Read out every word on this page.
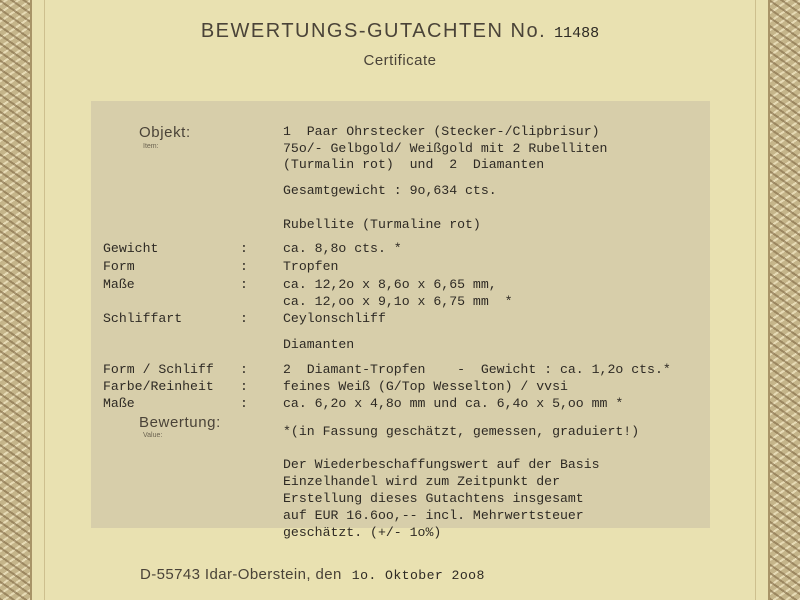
BEWERTUNGS-GUTACHTEN No. 11488
Certificate
Objekt:
Item:
1  Paar Ohrstecker (Stecker-/Clipbrisur)
75o/- Gelbgold/ Weißgold mit 2 Rubelliten
(Turmalin rot)  und  2  Diamanten
Gesamtgewicht : 9o,634 cts.
Rubellite (Turmaline rot)
Gewicht	:	ca. 8,8o cts. *
Form	:	Tropfen
Maße	:	ca. 12,2o x 8,6o x 6,65 mm,
ca. 12,oo x 9,1o x 6,75 mm  *
Schliffart	:	Ceylonschliff
Diamanten
Form / Schliff :	2  Diamant-Tropfen    -  Gewicht : ca. 1,2o cts.*
Farbe/Reinheit :	feines Weiß (G/Top Wesselton) / vvsi
Maße	:	ca. 6,2o x 4,8o mm und ca. 6,4o x 5,oo mm *
Bewertung:
Value:	*(in Fassung geschätzt, gemessen, graduiert!)
Der Wiederbeschaffungswert auf der Basis
Einzelhandel wird zum Zeitpunkt der
Erstellung dieses Gutachtens insgesamt
auf EUR 16.6oo,-- incl. Mehrwertsteuer
geschätzt. (+/- 1o%)
D-55743 Idar-Oberstein, den 1o. Oktober 2oo8
